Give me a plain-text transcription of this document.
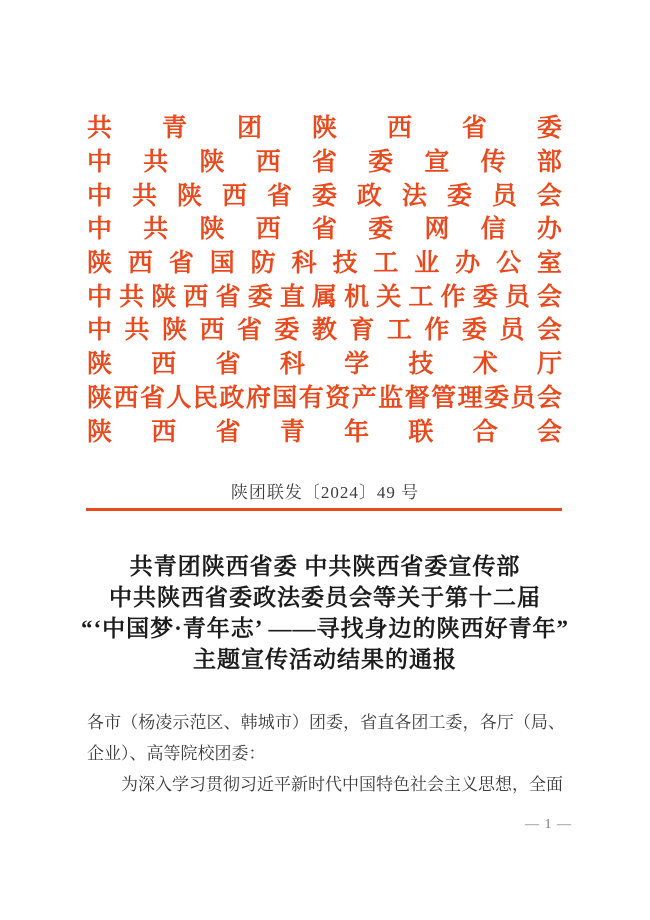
共 青 团 陕 西 省 委
中 共 陕 西 省 委 宣 传 部
中 共 陕 西 省 委 政 法 委 员 会
中 共 陕 西 省 委 网 信 办
陕 西 省 国 防 科 技 工 业 办 公 室
中 共 陕 西 省 委 直 属 机 关 工 作 委 员 会
中 共 陕 西 省 委 教 育 工 作 委 员 会
陕 西 省 科 学 技 术 厅
陕 西 省 人 民 政 府 国 有 资 产 监 督 管 理 委 员 会
陕 西 省 青 年 联 合 会
陕团联发〔2024〕49 号
共青团陕西省委 中共陕西省委宣传部
中共陕西省委政法委员会等关于第十二届
“‘中国梦·青年志’ ——寻找身边的陕西好青年”
主题宣传活动结果的通报

各市（杨凌示范区、韩城市）团委，省直各团工委，各厅（局、企业）、高等院校团委：

为深入学习贯彻习近平新时代中国特色社会主义思想，全面

— 1 —
